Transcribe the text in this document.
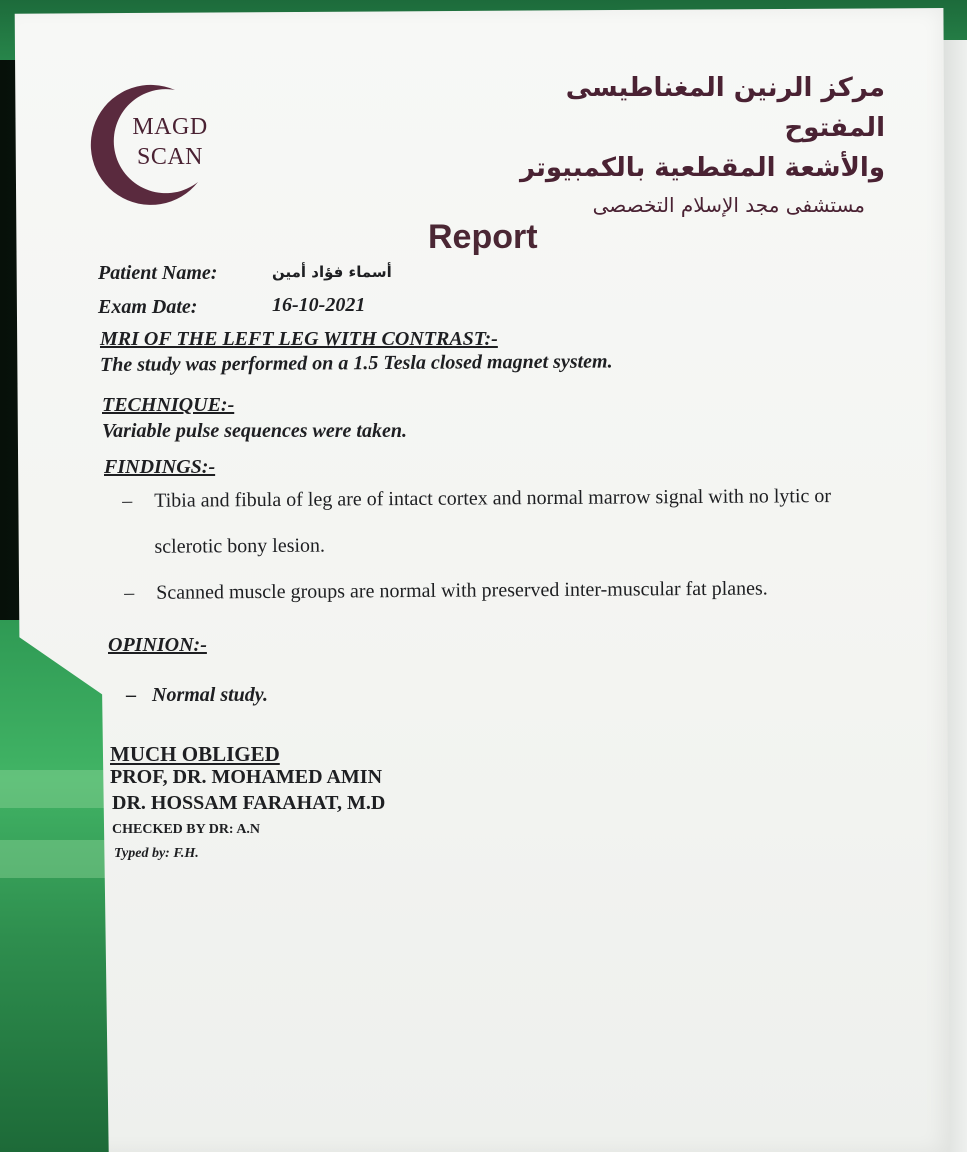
MAGD
SCAN
مركز الرنين المغناطيسى المفتوح
والأشعة المقطعية بالكمبيوتر
مستشفى مجد الإسلام التخصصى
Report
Patient Name:	أسماء فؤاد أمين
Exam Date:	16-10-2021
MRI OF THE LEFT LEG WITH CONTRAST:-
The study was performed on a 1.5 Tesla closed magnet system.
TECHNIQUE:-
Variable pulse sequences were taken.
FINDINGS:-
– Tibia and fibula of leg are of intact cortex and normal marrow signal with no lytic or sclerotic bony lesion.
– Scanned muscle groups are normal with preserved inter-muscular fat planes.
OPINION:-
– Normal study.
MUCH OBLIGED
PROF, DR. MOHAMED AMIN
DR. HOSSAM FARAHAT, M.D
CHECKED BY DR: A.N
Typed by: F.H.
